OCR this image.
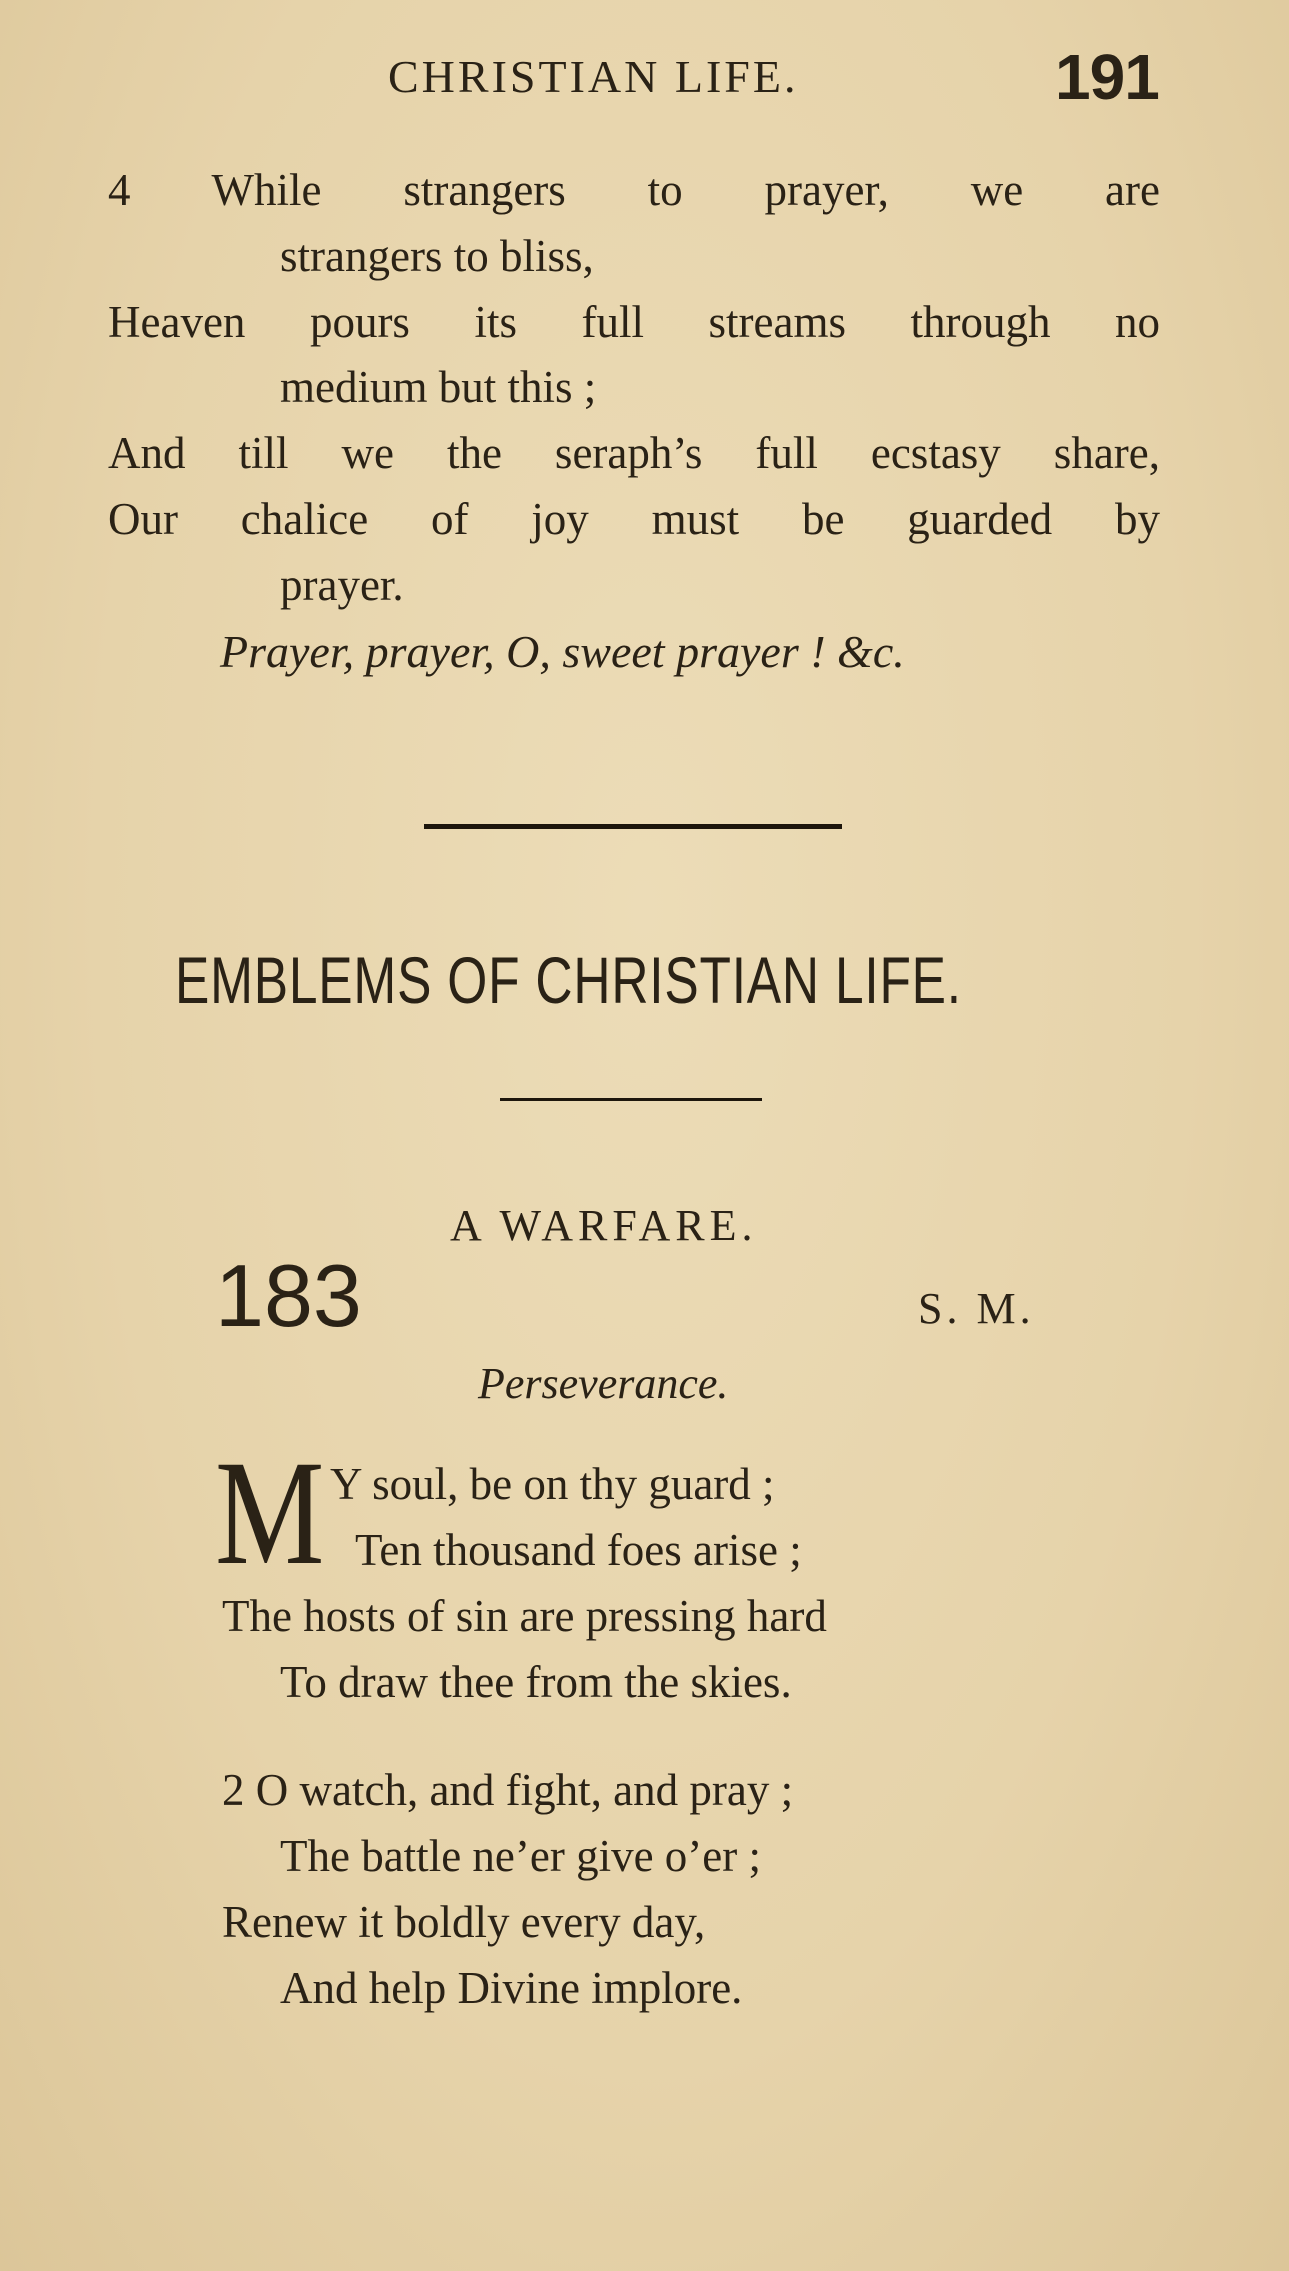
CHRISTIAN LIFE.	191
4 While strangers to prayer, we are
strangers to bliss,
Heaven pours its full streams through no
medium but this ;
And till we the seraph’s full ecstasy share,
Our chalice of joy must be guarded by
prayer.
Prayer, prayer, O, sweet prayer ! &c.
EMBLEMS OF CHRISTIAN LIFE.
A WARFARE.
183	S. M.
Perseverance.
M Y soul, be on thy guard ;
Ten thousand foes arise ;
The hosts of sin are pressing hard
To draw thee from the skies.
2 O watch, and fight, and pray ;
The battle ne’er give o’er ;
Renew it boldly every day,
And help Divine implore.
